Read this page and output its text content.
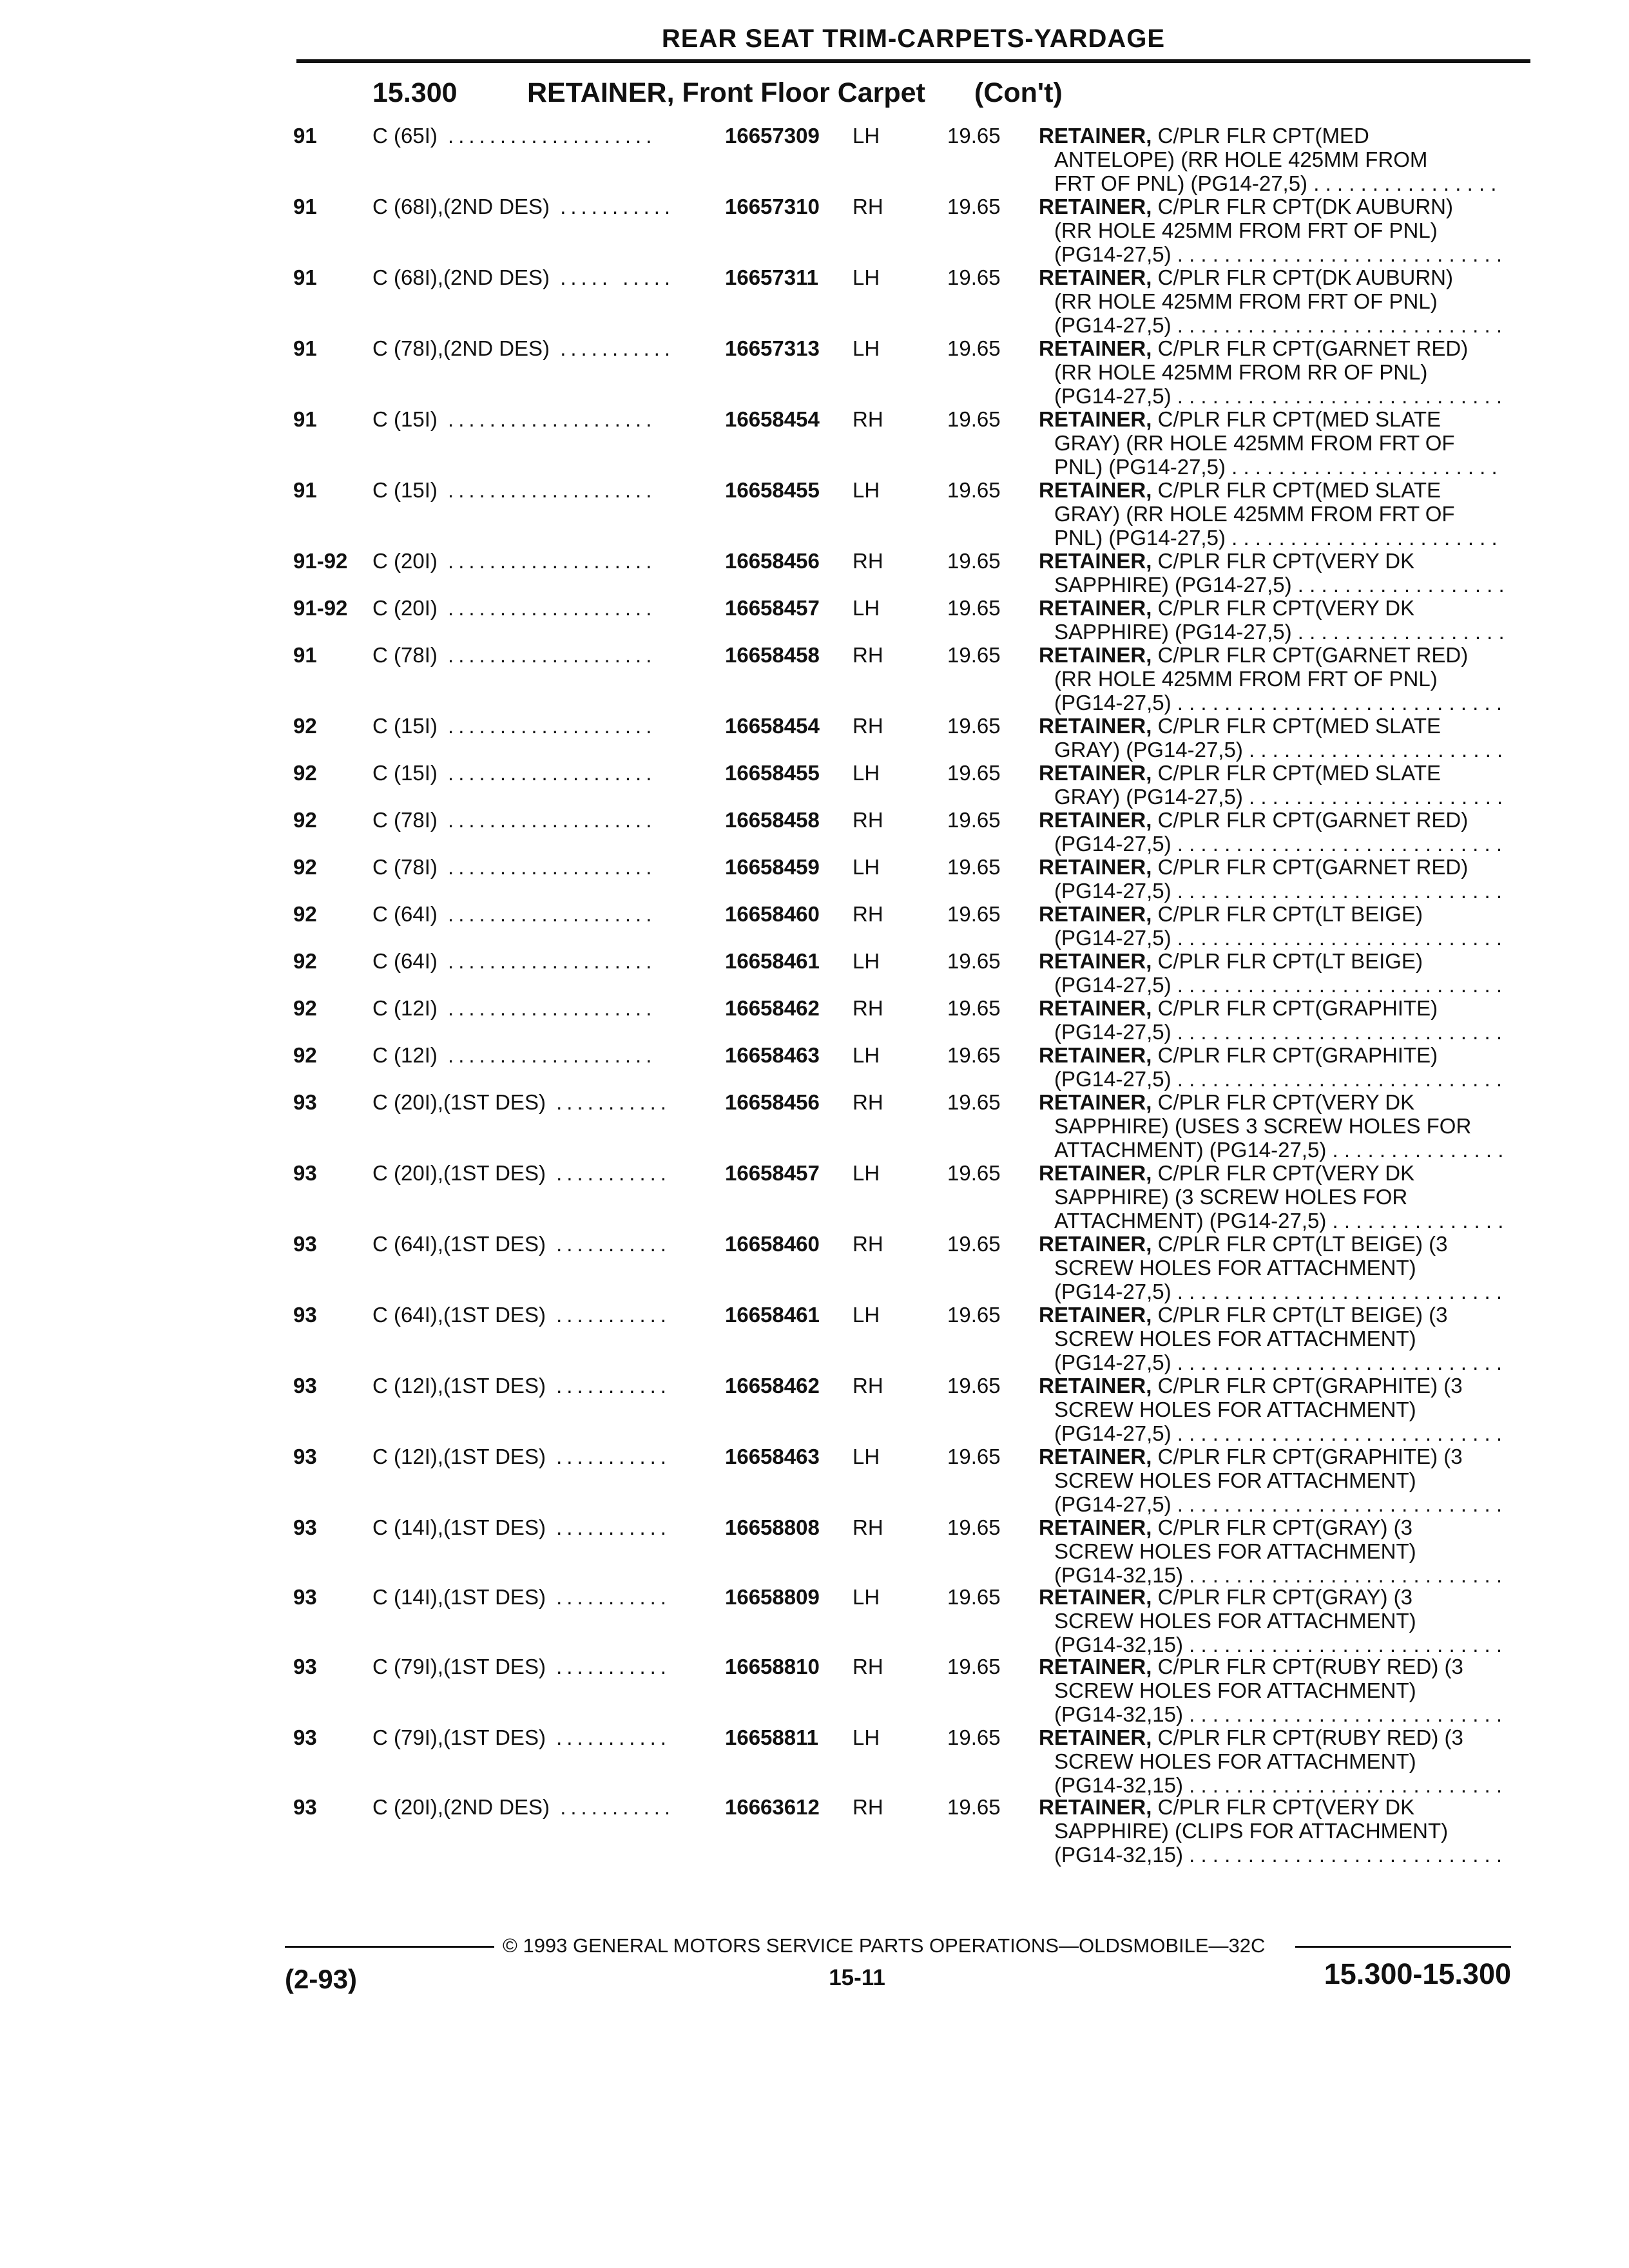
REAR SEAT TRIM-CARPETS-YARDAGE
15.300	RETAINER, Front Floor Carpet (Con't)
91	C (65I) ....................	16657309 LH	19.65 RETAINER, C/PLR FLR CPT(MED
ANTELOPE) (RR HOLE 425MM FROM
FRT OF PNL) (PG14-27,5) . . .
91	C (68I),(2ND DES) ........... 16657310 RH	19.65 RETAINER, C/PLR FLR CPT(DK AUBURN)
(RR HOLE 425MM FROM FRT OF PNL)
(PG14-27,5) . . .
91	C (68I),(2ND DES) ..... ..... 16657311 LH	19.65 RETAINER, C/PLR FLR CPT(DK AUBURN)
(RR HOLE 425MM FROM FRT OF PNL)
(PG14-27,5) . . .
91	C (78I),(2ND DES) ........... 16657313 LH	19.65 RETAINER, C/PLR FLR CPT(GARNET RED)
(RR HOLE 425MM FROM RR OF PNL)
(PG14-27,5) . . .
91	C (15I) ....................	16658454 RH	19.65 RETAINER, C/PLR FLR CPT(MED SLATE
GRAY) (RR HOLE 425MM FROM FRT OF
PNL) (PG14-27,5) . . .
91	C (15I) ....................	16658455 LH	19.65 RETAINER, C/PLR FLR CPT(MED SLATE
GRAY) (RR HOLE 425MM FROM FRT OF
PNL) (PG14-27,5) . . .
91-92 C (20I) ....................	16658456 RH	19.65 RETAINER, C/PLR FLR CPT(VERY DK
SAPPHIRE) (PG14-27,5) . . .
91-92 C (20I) ....................	16658457 LH	19.65 RETAINER, C/PLR FLR CPT(VERY DK
SAPPHIRE) (PG14-27,5) . . .
91	C (78I) ....................	16658458 RH	19.65 RETAINER, C/PLR FLR CPT(GARNET RED)
(RR HOLE 425MM FROM FRT OF PNL)
(PG14-27,5) . . .
92	C (15I) ....................	16658454 RH	19.65 RETAINER, C/PLR FLR CPT(MED SLATE
GRAY) (PG14-27,5) . . .
92	C (15I) ....................	16658455 LH	19.65 RETAINER, C/PLR FLR CPT(MED SLATE
GRAY) (PG14-27,5) . . .
92	C (78I) ....................	16658458 RH	19.65 RETAINER, C/PLR FLR CPT(GARNET RED)
(PG14-27,5) . . .
92	C (78I) ....................	16658459 LH	19.65 RETAINER, C/PLR FLR CPT(GARNET RED)
(PG14-27,5) . . .
92	C (64I) ....................	16658460 RH	19.65 RETAINER, C/PLR FLR CPT(LT BEIGE)
(PG14-27,5) . . .
92	C (64I) ....................	16658461 LH	19.65 RETAINER, C/PLR FLR CPT(LT BEIGE)
(PG14-27,5) . . .
92	C (12I) ....................	16658462 RH	19.65 RETAINER, C/PLR FLR CPT(GRAPHITE)
(PG14-27,5) . . .
92	C (12I) ....................	16658463 LH	19.65 RETAINER, C/PLR FLR CPT(GRAPHITE)
(PG14-27,5) . . .
93	C (20I),(1ST DES) ...........	16658456 RH	19.65 RETAINER, C/PLR FLR CPT(VERY DK
SAPPHIRE) (USES 3 SCREW HOLES FOR
ATTACHMENT) (PG14-27,5) . . .
93	C (20I),(1ST DES) ...........	16658457 LH	19.65 RETAINER, C/PLR FLR CPT(VERY DK
SAPPHIRE) (3 SCREW HOLES FOR
ATTACHMENT) (PG14-27,5) . . .
93	C (64I),(1ST DES) ...........	16658460 RH	19.65 RETAINER, C/PLR FLR CPT(LT BEIGE) (3
SCREW HOLES FOR ATTACHMENT)
(PG14-27,5) . . .
93	C (64I),(1ST DES) ...........	16658461 LH	19.65 RETAINER, C/PLR FLR CPT(LT BEIGE) (3
SCREW HOLES FOR ATTACHMENT)
(PG14-27,5) . . .
93	C (12I),(1ST DES) ...........	16658462 RH	19.65 RETAINER, C/PLR FLR CPT(GRAPHITE) (3
SCREW HOLES FOR ATTACHMENT)
(PG14-27,5) . . .
93	C (12I),(1ST DES) ...........	16658463 LH	19.65 RETAINER, C/PLR FLR CPT(GRAPHITE) (3
SCREW HOLES FOR ATTACHMENT)
(PG14-27,5) . . .
93	C (14I),(1ST DES) ...........	16658808 RH	19.65 RETAINER, C/PLR FLR CPT(GRAY) (3
SCREW HOLES FOR ATTACHMENT)
(PG14-32,15) . . .
93	C (14I),(1ST DES) ...........	16658809 LH	19.65 RETAINER, C/PLR FLR CPT(GRAY) (3
SCREW HOLES FOR ATTACHMENT)
(PG14-32,15) . . .
93	C (79I),(1ST DES) ...........	16658810 RH	19.65 RETAINER, C/PLR FLR CPT(RUBY RED) (3
SCREW HOLES FOR ATTACHMENT)
(PG14-32,15) . . .
93	C (79I),(1ST DES) ...........	16658811 LH	19.65 RETAINER, C/PLR FLR CPT(RUBY RED) (3
SCREW HOLES FOR ATTACHMENT)
(PG14-32,15) . . .
93	C (20I),(2ND DES) ........... 16663612 RH	19.65 RETAINER, C/PLR FLR CPT(VERY DK
SAPPHIRE) (CLIPS FOR ATTACHMENT)
(PG14-32,15) . . .
© 1993 GENERAL MOTORS SERVICE PARTS OPERATIONS—OLDSMOBILE—32C
(2-93)	15-11	15.300-15.300
